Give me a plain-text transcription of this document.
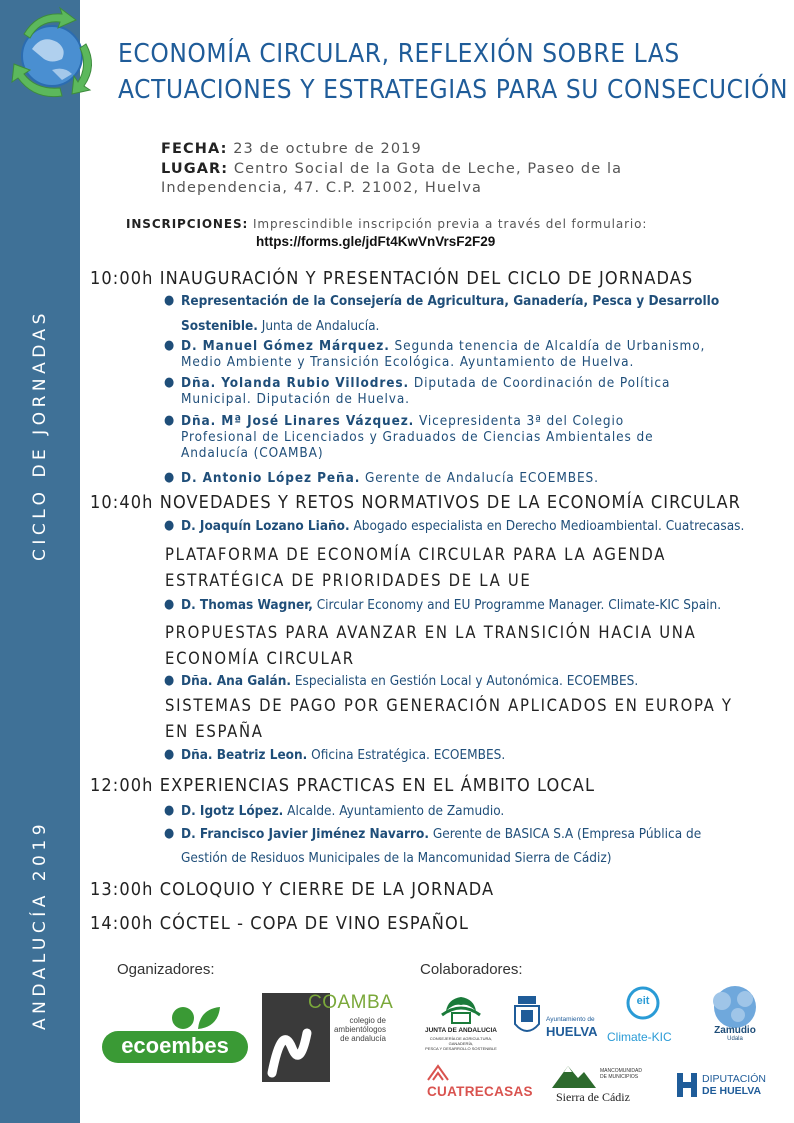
CICLO DE JORNADAS
ANDALUCÍA 2019
ECONOMÍA CIRCULAR, REFLEXIÓN SOBRE LAS
ACTUACIONES Y ESTRATEGIAS PARA SU CONSECUCIÓN
FECHA: 23 de octubre de 2019
LUGAR: Centro Social de la Gota de Leche, Paseo de la
Independencia, 47. C.P. 21002, Huelva
INSCRIPCIONES: Imprescindible inscripción previa a través del formulario:
https://forms.gle/jdFt4KwVnVrsF2F29
10:00h INAUGURACIÓN Y PRESENTACIÓN DEL CICLO DE JORNADAS
● Representación de la Consejería de Agricultura, Ganadería, Pesca y Desarrollo
Sostenible. Junta de Andalucía.
● D. Manuel Gómez Márquez. Segunda tenencia de Alcaldía de Urbanismo,
Medio Ambiente y Transición Ecológica. Ayuntamiento de Huelva.
● Dña. Yolanda Rubio Villodres. Diputada de Coordinación de Política
Municipal. Diputación de Huelva.
● Dña. Mª José Linares Vázquez. Vicepresidenta 3ª del Colegio
Profesional de Licenciados y Graduados de Ciencias Ambientales de
Andalucía (COAMBA)
● D. Antonio López Peña. Gerente de Andalucía ECOEMBES.
10:40h NOVEDADES Y RETOS NORMATIVOS DE LA ECONOMÍA CIRCULAR
● D. Joaquín Lozano Liaño. Abogado especialista en Derecho Medioambiental. Cuatrecasas.
PLATAFORMA DE ECONOMÍA CIRCULAR PARA LA AGENDA
ESTRATÉGICA DE PRIORIDADES DE LA UE
● D. Thomas Wagner, Circular Economy and EU Programme Manager. Climate-KIC Spain.
PROPUESTAS PARA AVANZAR EN LA TRANSICIÓN HACIA UNA
ECONOMÍA CIRCULAR
● Dña. Ana Galán. Especialista en Gestión Local y Autonómica. ECOEMBES.
SISTEMAS DE PAGO POR GENERACIÓN APLICADOS EN EUROPA Y
EN ESPAÑA
● Dña. Beatriz Leon. Oficina Estratégica. ECOEMBES.
12:00h EXPERIENCIAS PRACTICAS EN EL ÁMBITO LOCAL
● D. Igotz López. Alcalde. Ayuntamiento de Zamudio.
● D. Francisco Javier Jiménez Navarro. Gerente de BASICA S.A (Empresa Pública de
Gestión de Residuos Municipales de la Mancomunidad Sierra de Cádiz)
13:00h COLOQUIO Y CIERRE DE LA JORNADA
14:00h CÓCTEL - COPA DE VINO ESPAÑOL
Oganizadores:	Colaboradores:
ecoembes
COAMBA
colegio de ambientólogos
de andalucía
JUNTA DE ANDALUCIA
CONSEJERÍA DE AGRICULTURA, GANADERÍA,
PESCA Y DESARROLLO SOSTENIBLE
Ayuntamiento de
HUELVA
eit
Climate-KIC	Zamudio
Udala
CUATRECASAS
MANCOMUNIDAD
DE MUNICIPIOS
Sierra de Cádiz
DIPUTACIÓN
DE HUELVA
